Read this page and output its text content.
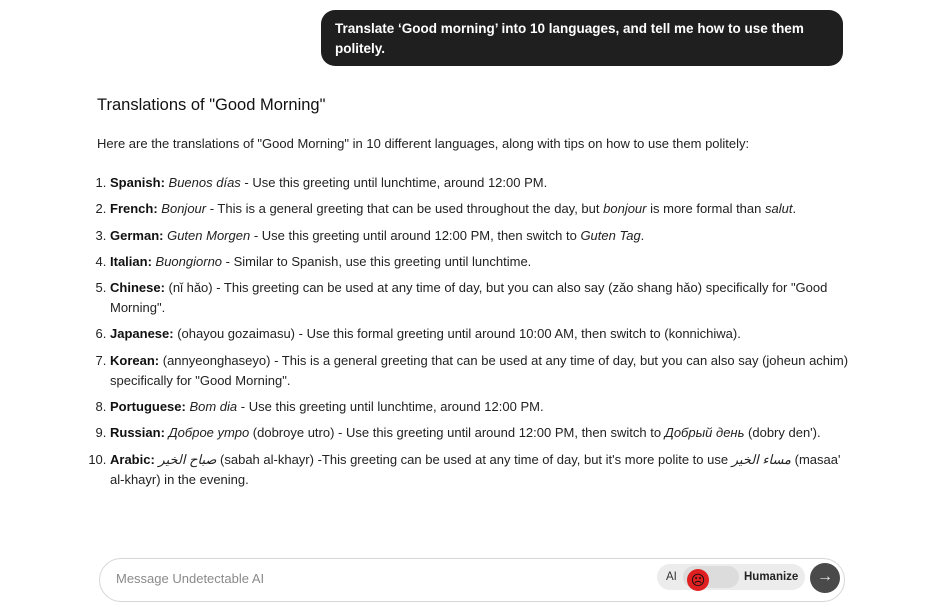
Translate ‘Good morning’ into 10 languages, and tell me how to use them politely.
Translations of "Good Morning"

Here are the translations of "Good Morning" in 10 different languages, along with tips on how to use them politely:

1. Spanish: Buenos días - Use this greeting until lunchtime, around 12:00 PM.
2. French: Bonjour - This is a general greeting that can be used throughout the day, but bonjour is more formal than salut.
3. German: Guten Morgen - Use this greeting until around 12:00 PM, then switch to Guten Tag.
4. Italian: Buongiorno - Similar to Spanish, use this greeting until lunchtime.
5. Chinese: (nǐ hǎo) - This greeting can be used at any time of day, but you can also say (zǎo shang hǎo) specifically for "Good Morning".
6. Japanese: (ohayou gozaimasu) - Use this formal greeting until around 10:00 AM, then switch to (konnichiwa).
7. Korean: (annyeonghaseyo) - This is a general greeting that can be used at any time of day, but you can also say (joheun achim) specifically for "Good Morning".
8. Portuguese: Bom dia - Use this greeting until lunchtime, around 12:00 PM.
9. Russian: Доброе утро (dobroye utro) - Use this greeting until around 12:00 PM, then switch to Добрый день (dobry den').
10. Arabic: صباح الخير (sabah al-khayr) -This greeting can be used at any time of day, but it's more polite to use مساء الخير (masaa' al-khayr) in the evening.
Message Undetectable AI
AI ☹	Humanize	→
